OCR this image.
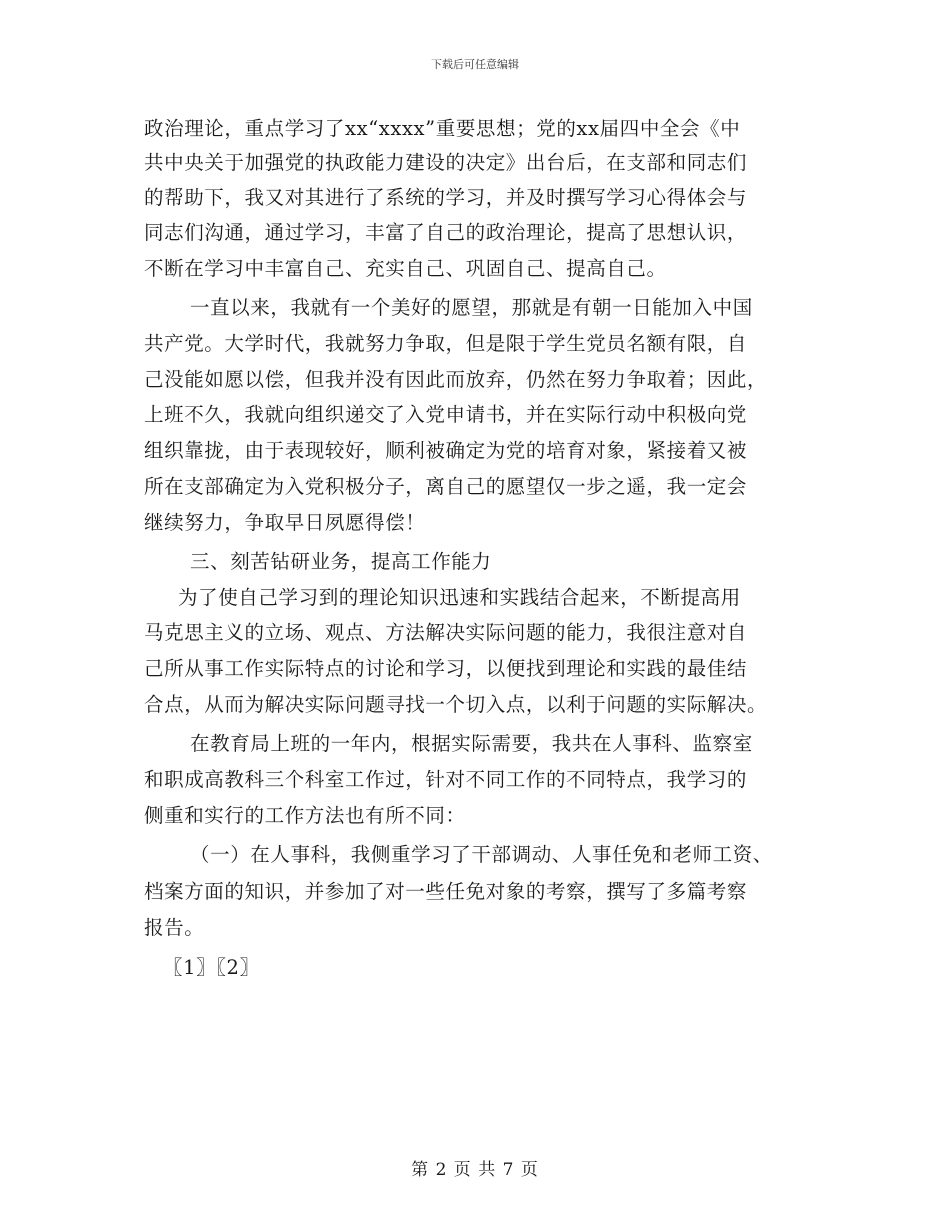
下载后可任意编辑
政治理论，重点学习了xx“xxxx”重要思想；党的xx届四中全会《中
共中央关于加强党的执政能力建设的决定》出台后，在支部和同志们
的帮助下，我又对其进行了系统的学习，并及时撰写学习心得体会与
同志们沟通，通过学习，丰富了自己的政治理论，提高了思想认识，
不断在学习中丰富自己、充实自己、巩固自己、提高自己。
一直以来，我就有一个美好的愿望，那就是有朝一日能加入中国
共产党。大学时代，我就努力争取，但是限于学生党员名额有限，自
己没能如愿以偿，但我并没有因此而放弃，仍然在努力争取着；因此，
上班不久，我就向组织递交了入党申请书，并在实际行动中积极向党
组织靠拢，由于表现较好，顺利被确定为党的培育对象，紧接着又被
所在支部确定为入党积极分子，离自己的愿望仅一步之遥，我一定会
继续努力，争取早日夙愿得偿！
三、刻苦钻研业务，提高工作能力
为了使自己学习到的理论知识迅速和实践结合起来，不断提高用
马克思主义的立场、观点、方法解决实际问题的能力，我很注意对自
己所从事工作实际特点的讨论和学习，以便找到理论和实践的最佳结
合点，从而为解决实际问题寻找一个切入点，以利于问题的实际解决。
在教育局上班的一年内，根据实际需要，我共在人事科、监察室
和职成高教科三个科室工作过，针对不同工作的不同特点，我学习的
侧重和实行的工作方法也有所不同：
（一）在人事科，我侧重学习了干部调动、人事任免和老师工资、
档案方面的知识，并参加了对一些任免对象的考察，撰写了多篇考察
报告。
〖1〗〖2〗
第 2 页 共 7 页
